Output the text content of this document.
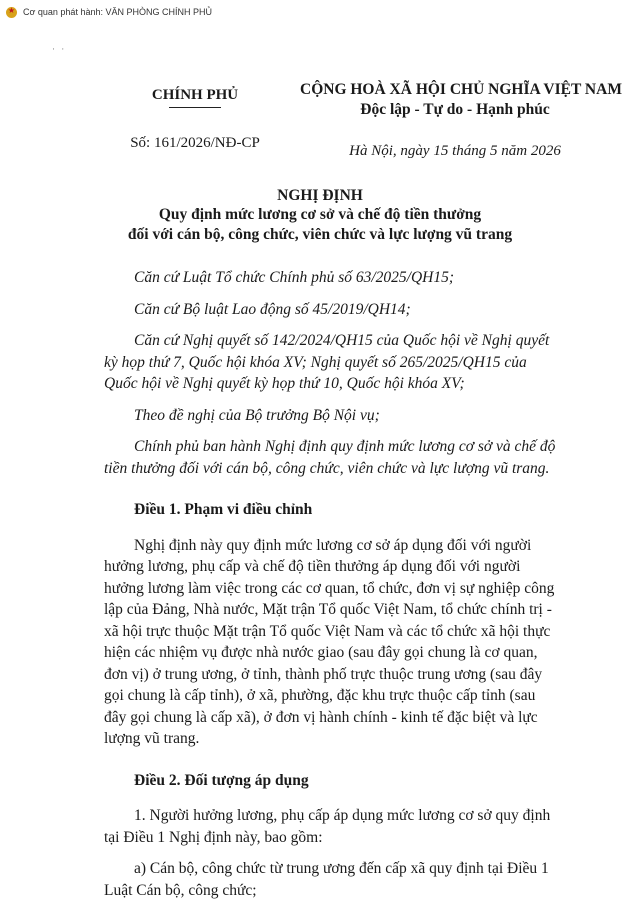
★
Cơ quan phát hành: VĂN PHÒNG CHÍNH PHỦ
· ·
CHÍNH PHỦ
Số: 161/2026/NĐ-CP
CỘNG HOÀ XÃ HỘI CHỦ NGHĨA VIỆT NAM
Độc lập - Tự do - Hạnh phúc
Hà Nội, ngày 15 tháng 5 năm 2026
NGHỊ ĐỊNH
Quy định mức lương cơ sở và chế độ tiền thưởng
đối với cán bộ, công chức, viên chức và lực lượng vũ trang

Căn cứ Luật Tổ chức Chính phủ số 63/2025/QH15;

Căn cứ Bộ luật Lao động số 45/2019/QH14;

Căn cứ Nghị quyết số 142/2024/QH15 của Quốc hội về Nghị quyết kỳ họp thứ 7, Quốc hội khóa XV; Nghị quyết số 265/2025/QH15 của Quốc hội về Nghị quyết kỳ họp thứ 10, Quốc hội khóa XV;

Theo đề nghị của Bộ trưởng Bộ Nội vụ;

Chính phủ ban hành Nghị định quy định mức lương cơ sở và chế độ tiền thưởng đối với cán bộ, công chức, viên chức và lực lượng vũ trang.

Điều 1. Phạm vi điều chỉnh

Nghị định này quy định mức lương cơ sở áp dụng đối với người hưởng lương, phụ cấp và chế độ tiền thưởng áp dụng đối với người hưởng lương làm việc trong các cơ quan, tổ chức, đơn vị sự nghiệp công lập của Đảng, Nhà nước, Mặt trận Tổ quốc Việt Nam, tổ chức chính trị - xã hội trực thuộc Mặt trận Tổ quốc Việt Nam và các tổ chức xã hội thực hiện các nhiệm vụ được nhà nước giao (sau đây gọi chung là cơ quan, đơn vị) ở trung ương, ở tỉnh, thành phố trực thuộc trung ương (sau đây gọi chung là cấp tỉnh), ở xã, phường, đặc khu trực thuộc cấp tỉnh (sau đây gọi chung là cấp xã), ở đơn vị hành chính - kinh tế đặc biệt và lực lượng vũ trang.

Điều 2. Đối tượng áp dụng

1. Người hưởng lương, phụ cấp áp dụng mức lương cơ sở quy định tại Điều 1 Nghị định này, bao gồm:

a) Cán bộ, công chức từ trung ương đến cấp xã quy định tại Điều 1 Luật Cán bộ, công chức;
